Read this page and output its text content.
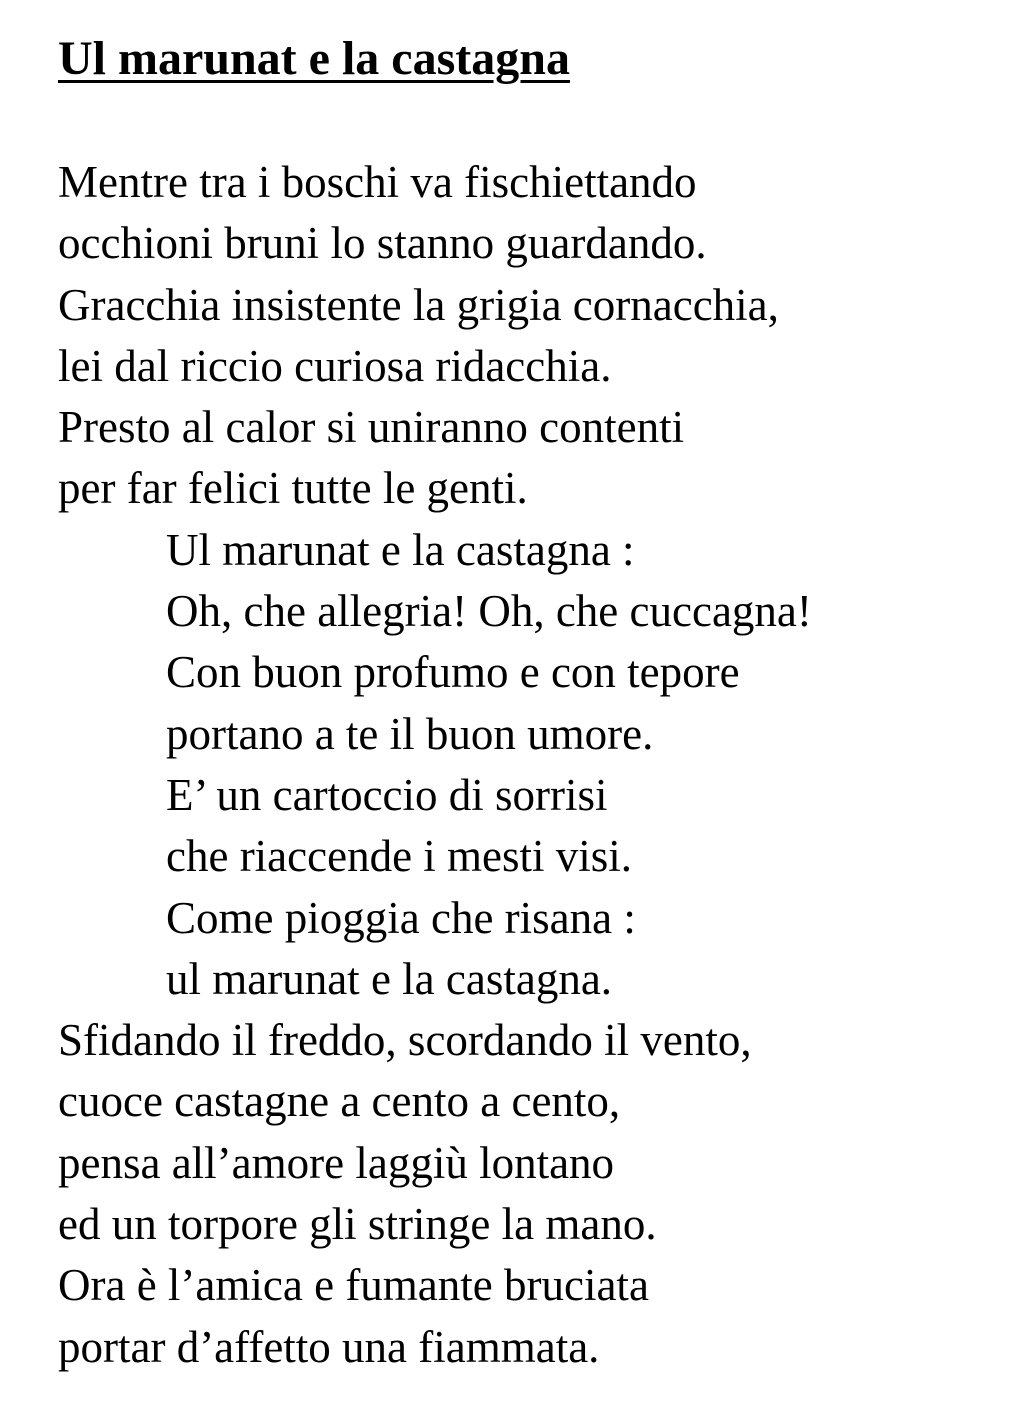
Ul marunat e la castagna
Mentre tra i boschi va fischiettando
occhioni bruni lo stanno guardando.
Gracchia insistente la grigia cornacchia,
lei dal riccio curiosa ridacchia.
Presto al calor si uniranno contenti
per far felici tutte le genti.
Ul marunat e la castagna :
Oh, che allegria! Oh, che cuccagna!
Con buon profumo e con tepore
portano a te il buon umore.
E’ un cartoccio di sorrisi
che riaccende i mesti visi.
Come pioggia che risana :
ul marunat e la castagna.
Sfidando il freddo, scordando il vento,
cuoce castagne a cento a cento,
pensa all’amore laggiù lontano
ed un torpore gli stringe la mano.
Ora è l’amica e fumante bruciata
portar d’affetto una fiammata.
